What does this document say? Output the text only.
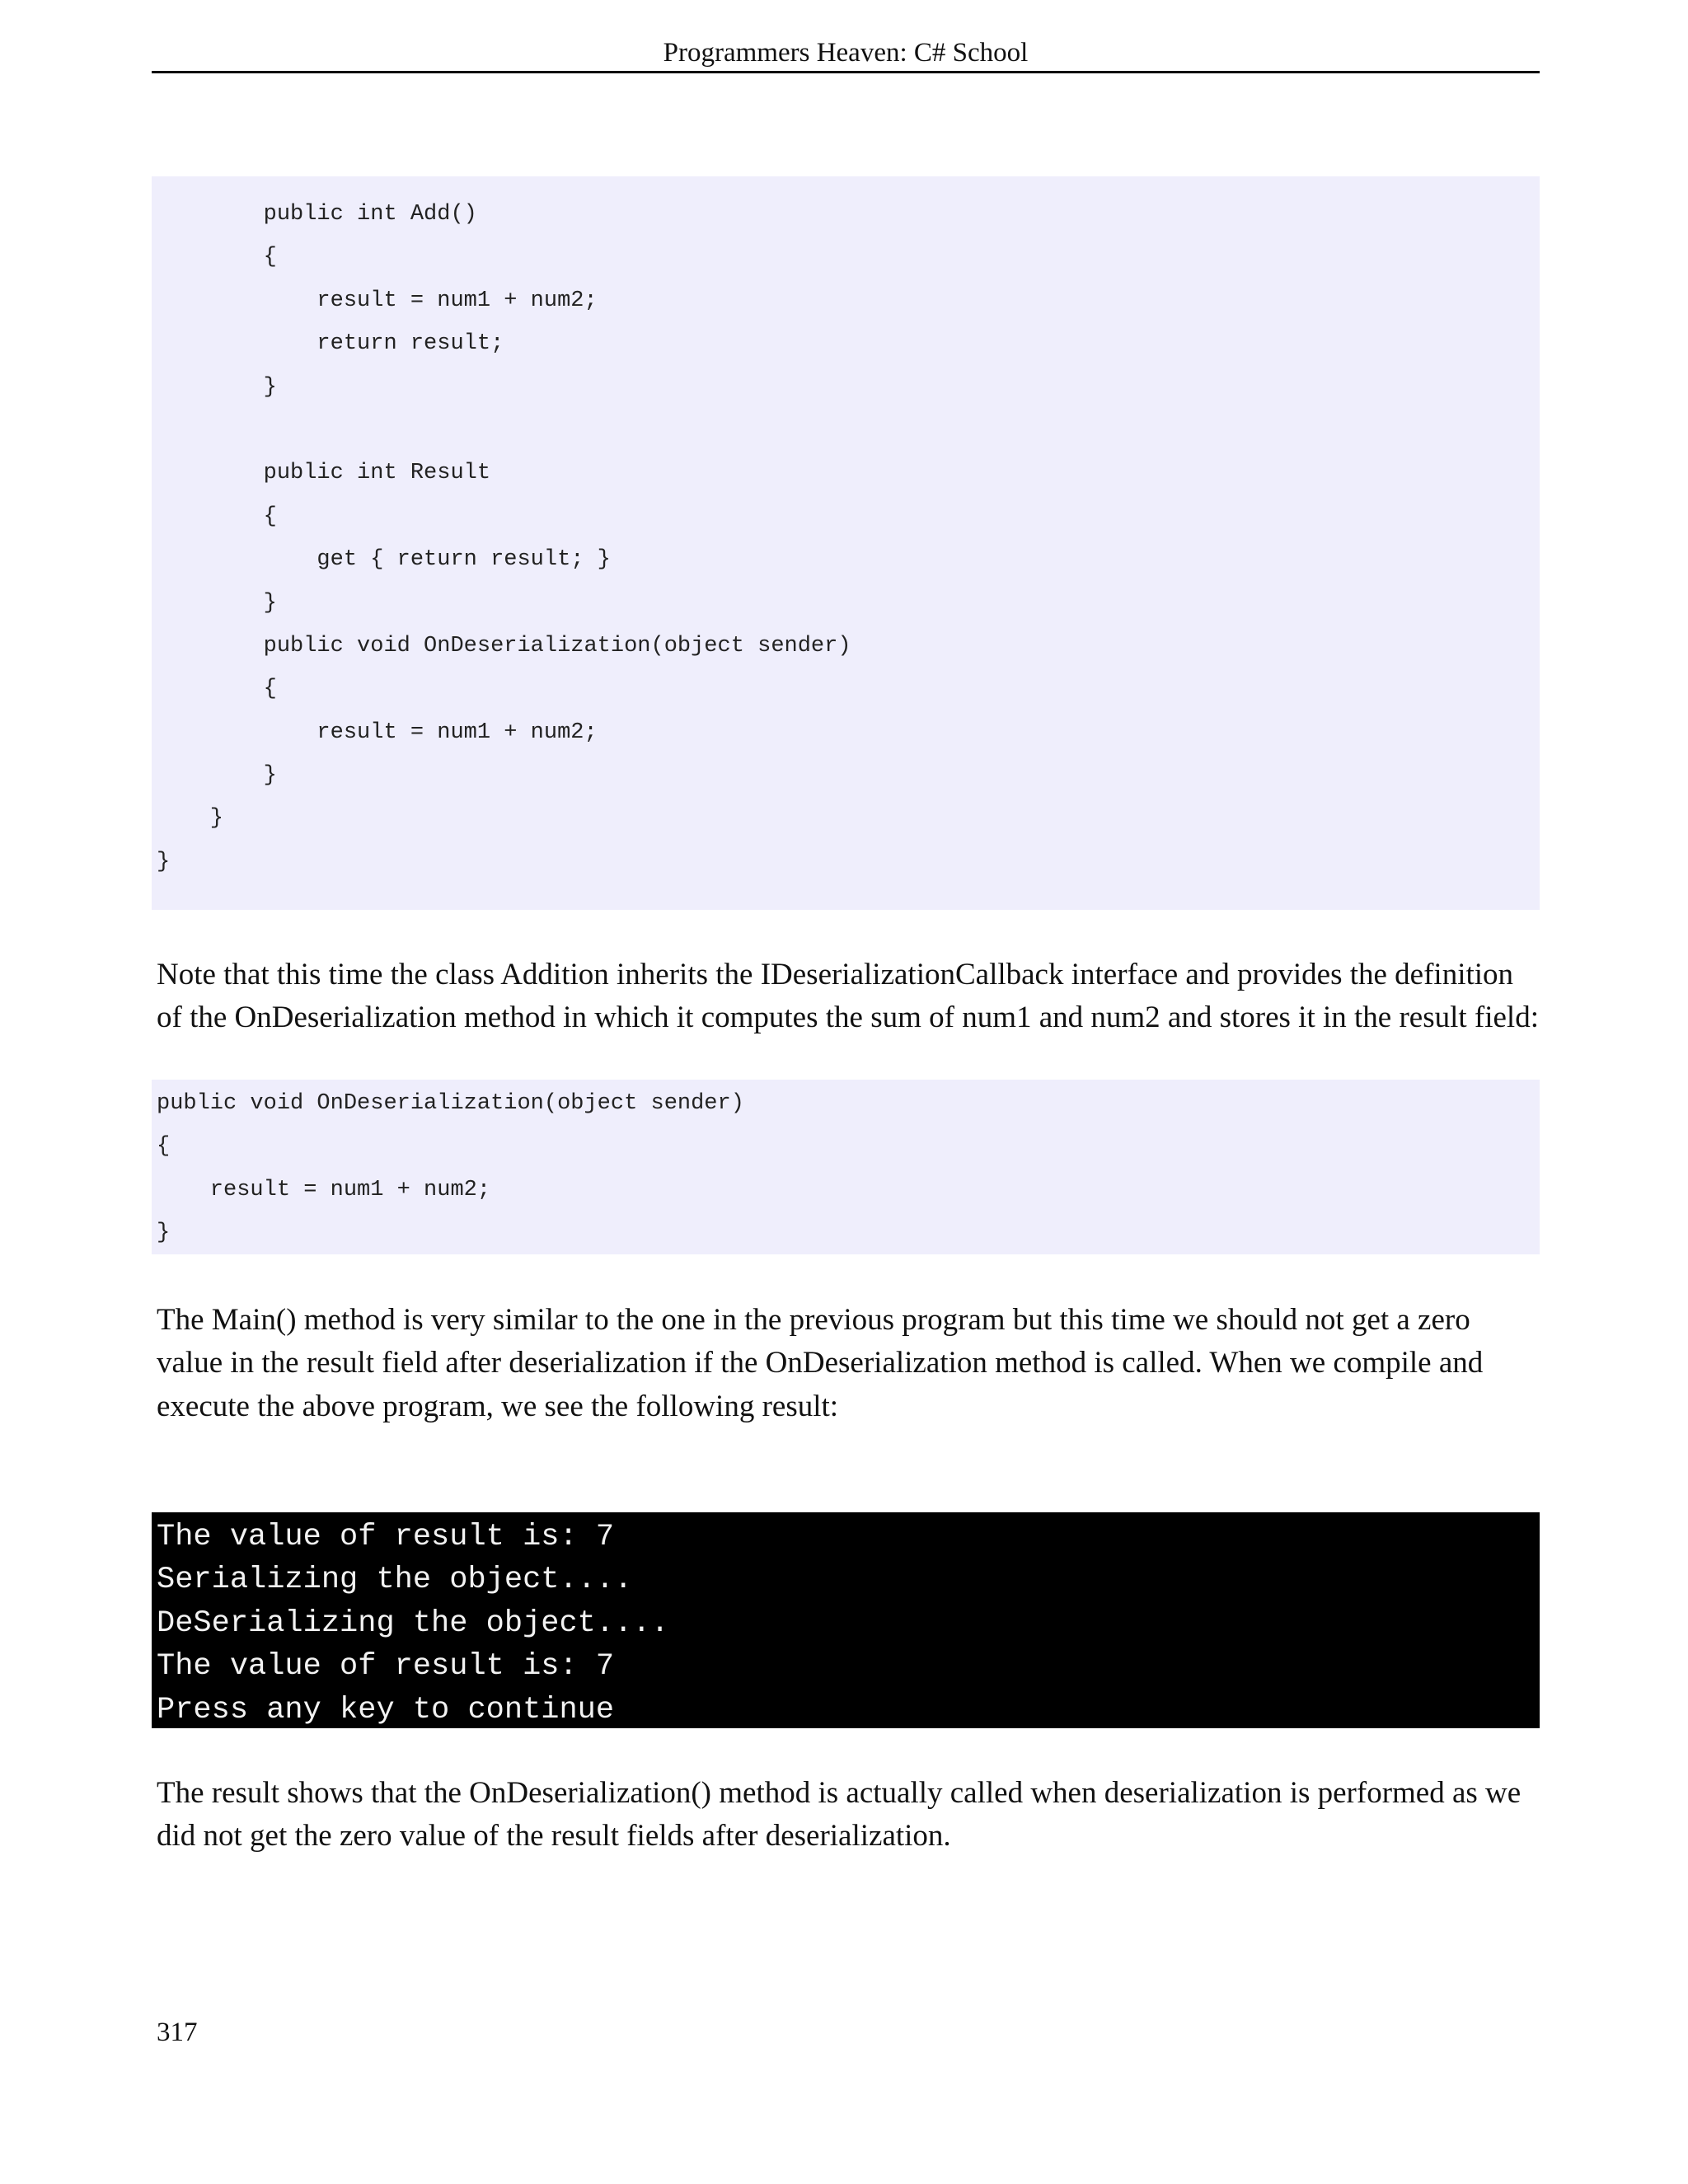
Programmers Heaven: C# School
public int Add()
{
result = num1 + num2;
return result;
}
public int Result
{
get { return result; }
}
public void OnDeserialization(object sender)
{
result = num1 + num2;
}
}
}

Note that this time the class Addition inherits the IDeserializationCallback interface and provides the definition of the OnDeserialization method in which it computes the sum of num1 and num2 and stores it in the result field:

public void OnDeserialization(object sender)
{
result = num1 + num2;
}

The Main() method is very similar to the one in the previous program but this time we should not get a zero value in the result field after deserialization if the OnDeserialization method is called. When we compile and execute the above program, we see the following result:

The value of result is: 7
Serializing the object....
DeSerializing the object....
The value of result is: 7
Press any key to continue

The result shows that the OnDeserialization() method is actually called when deserialization is performed as we did not get the zero value of the result fields after deserialization.

317
